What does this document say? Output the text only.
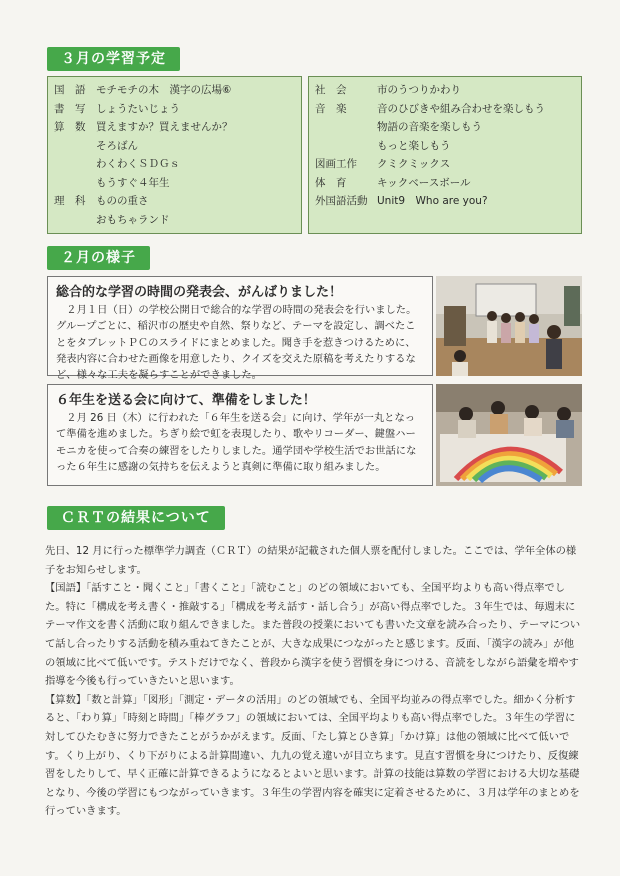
３月の学習予定
国　語	モチモチの木　漢字の広場⑥
書　写	しょうたいじょう
算　数	買えますか？買えませんか？
そろばん
わくわくＳＤＧｓ
もうすぐ４年生
理　科	ものの重さ
おもちゃランド
社　会	市のうつりかわり
音　楽	音のひびきや組み合わせを楽しもう
物語の音楽を楽しもう
もっと楽しもう
図画工作	クミクミックス
体　育	キックベースボール
外国語活動 Unit9　Who are you?
２月の様子
総合的な学習の時間の発表会、がんばりました！
２月１日（日）の学校公開日で総合的な学習の時間の発表会を行いました。グループごとに、稲沢市の歴史や自然、祭りなど、テーマを設定し、調べたことをタブレットＰＣのスライドにまとめました。聞き手を惹きつけるために、発表内容に合わせた画像を用意したり、クイズを交えた原稿を考えたりするなど、様々な工夫を凝らすことができました。
６年生を送る会に向けて、準備をしました！
２月 26 日（木）に行われた「６年生を送る会」に向け、学年が一丸となって準備を進めました。ちぎり絵で虹を表現したり、歌やリコーダー、鍵盤ハーモニカを使って合奏の練習をしたりしました。通学団や学校生活でお世話になった６年生に感謝の気持ちを伝えようと真剣に準備に取り組みました。
ＣＲＴの結果について

先日、12 月に行った標準学力調査（ＣＲＴ）の結果が記載された個人票を配付しました。ここでは、学年全体の様子をお知らせします。

【国語】「話すこと・聞くこと」「書くこと」「読むこと」のどの領域においても、全国平均よりも高い得点率でした。特に「構成を考え書く・推敲する」「構成を考え話す・話し合う」が高い得点率でした。３年生では、毎週末にテーマ作文を書く活動に取り組んできました。また普段の授業においても書いた文章を読み合ったり、テーマについて話し合ったりする活動を積み重ねてきたことが、大きな成果につながったと感じます。反面、「漢字の読み」が他の領域に比べて低いです。テストだけでなく、普段から漢字を使う習慣を身につける、音読をしながら語彙を増やす指導を今後も行っていきたいと思います。

【算数】「数と計算」「図形」「測定・データの活用」のどの領域でも、全国平均並みの得点率でした。細かく分析すると、「わり算」「時刻と時間」「棒グラフ」の領域においては、全国平均よりも高い得点率でした。３年生の学習に対してひたむきに努力できたことがうかがえます。反面、「たし算とひき算」「かけ算」は他の領域に比べて低いです。くり上がり、くり下がりによる計算間違い、九九の覚え違いが目立ちます。見直す習慣を身につけたり、反復練習をしたりして、早く正確に計算できるようになるとよいと思います。計算の技能は算数の学習における大切な基礎となり、今後の学習にもつながっていきます。３年生の学習内容を確実に定着させるために、３月は学年のまとめを行っていきます。
